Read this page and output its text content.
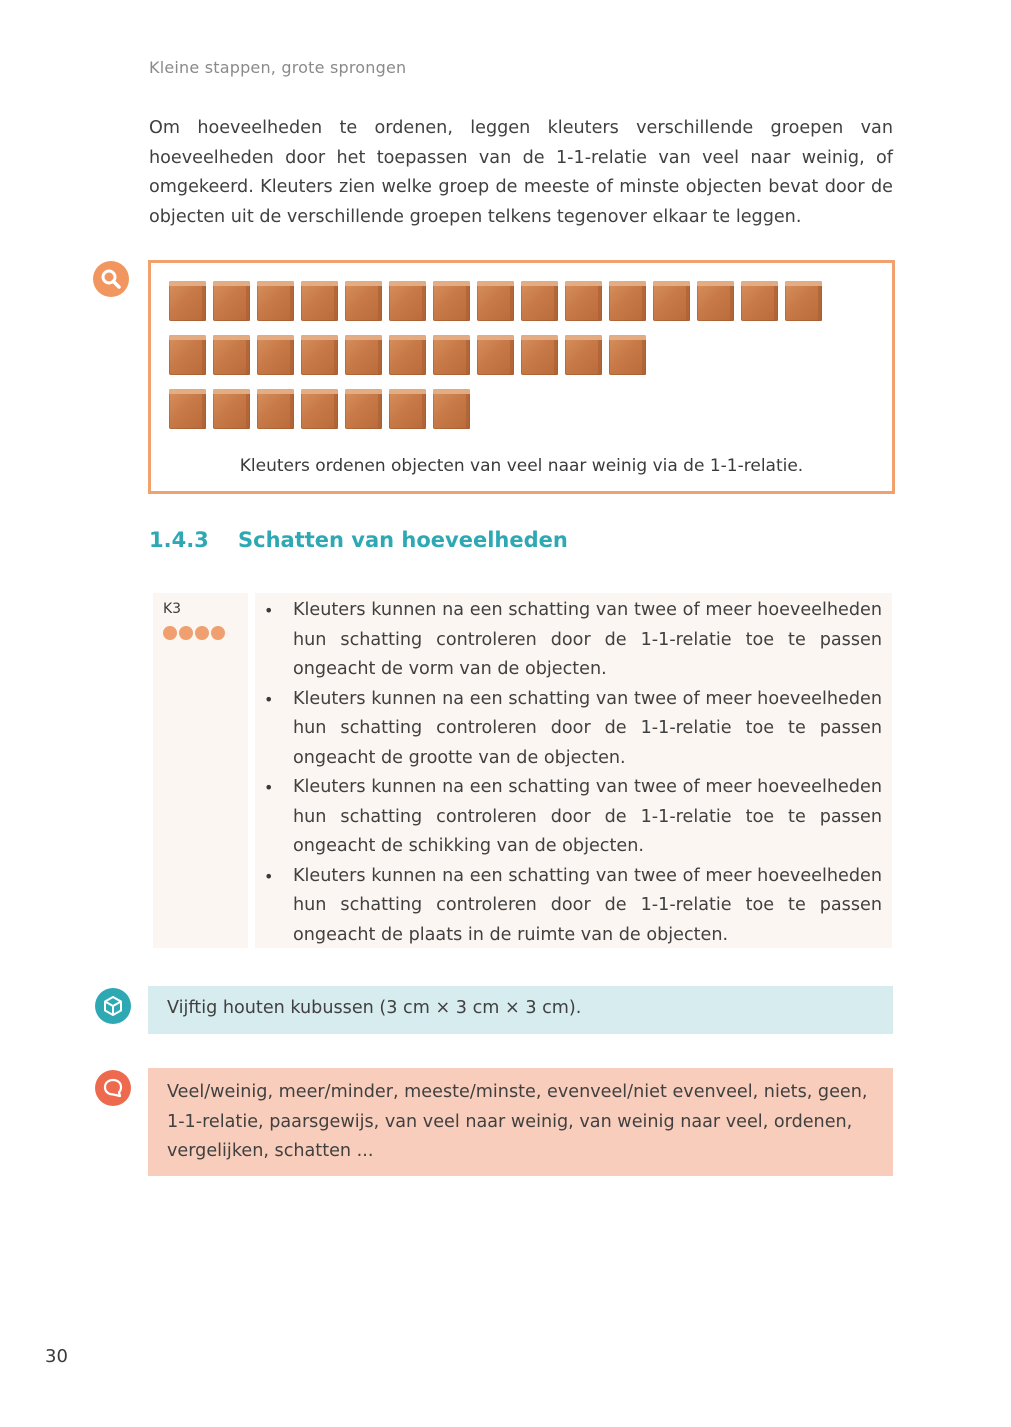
Kleine stappen, grote sprongen

Om hoeveelheden te ordenen, leggen kleuters verschillende groepen van hoeveelheden door het toepassen van de 1-1-relatie van veel naar weinig, of omgekeerd. Kleuters zien welke groep de meeste of minste objecten bevat door de objecten uit de verschillende groepen telkens tegenover elkaar te leggen.

Kleuters ordenen objecten van veel naar weinig via de 1-1-relatie.
1.4.3	Schatten van hoeveelheden
K3
•	Kleuters kunnen na een schatting van twee of meer hoeveelheden hun schatting controleren door de 1-1-relatie toe te passen ongeacht de vorm van de objecten.
• Kleuters kunnen na een schatting van twee of meer hoeveelheden hun schatting controleren door de 1-1-relatie toe te passen ongeacht de grootte van de objecten.
• Kleuters kunnen na een schatting van twee of meer hoeveelheden hun schatting controleren door de 1-1-relatie toe te passen ongeacht de schikking van de objecten.
• Kleuters kunnen na een schatting van twee of meer hoeveelheden hun schatting controleren door de 1-1-relatie toe te passen ongeacht de plaats in de ruimte van de objecten.
Vijftig houten kubussen (3 cm × 3 cm × 3 cm).
Veel/weinig, meer/minder, meeste/minste, evenveel/niet evenveel, niets, geen, 1-1-relatie, paarsgewijs, van veel naar weinig, van weinig naar veel, ordenen, vergelijken, schatten ...
30
